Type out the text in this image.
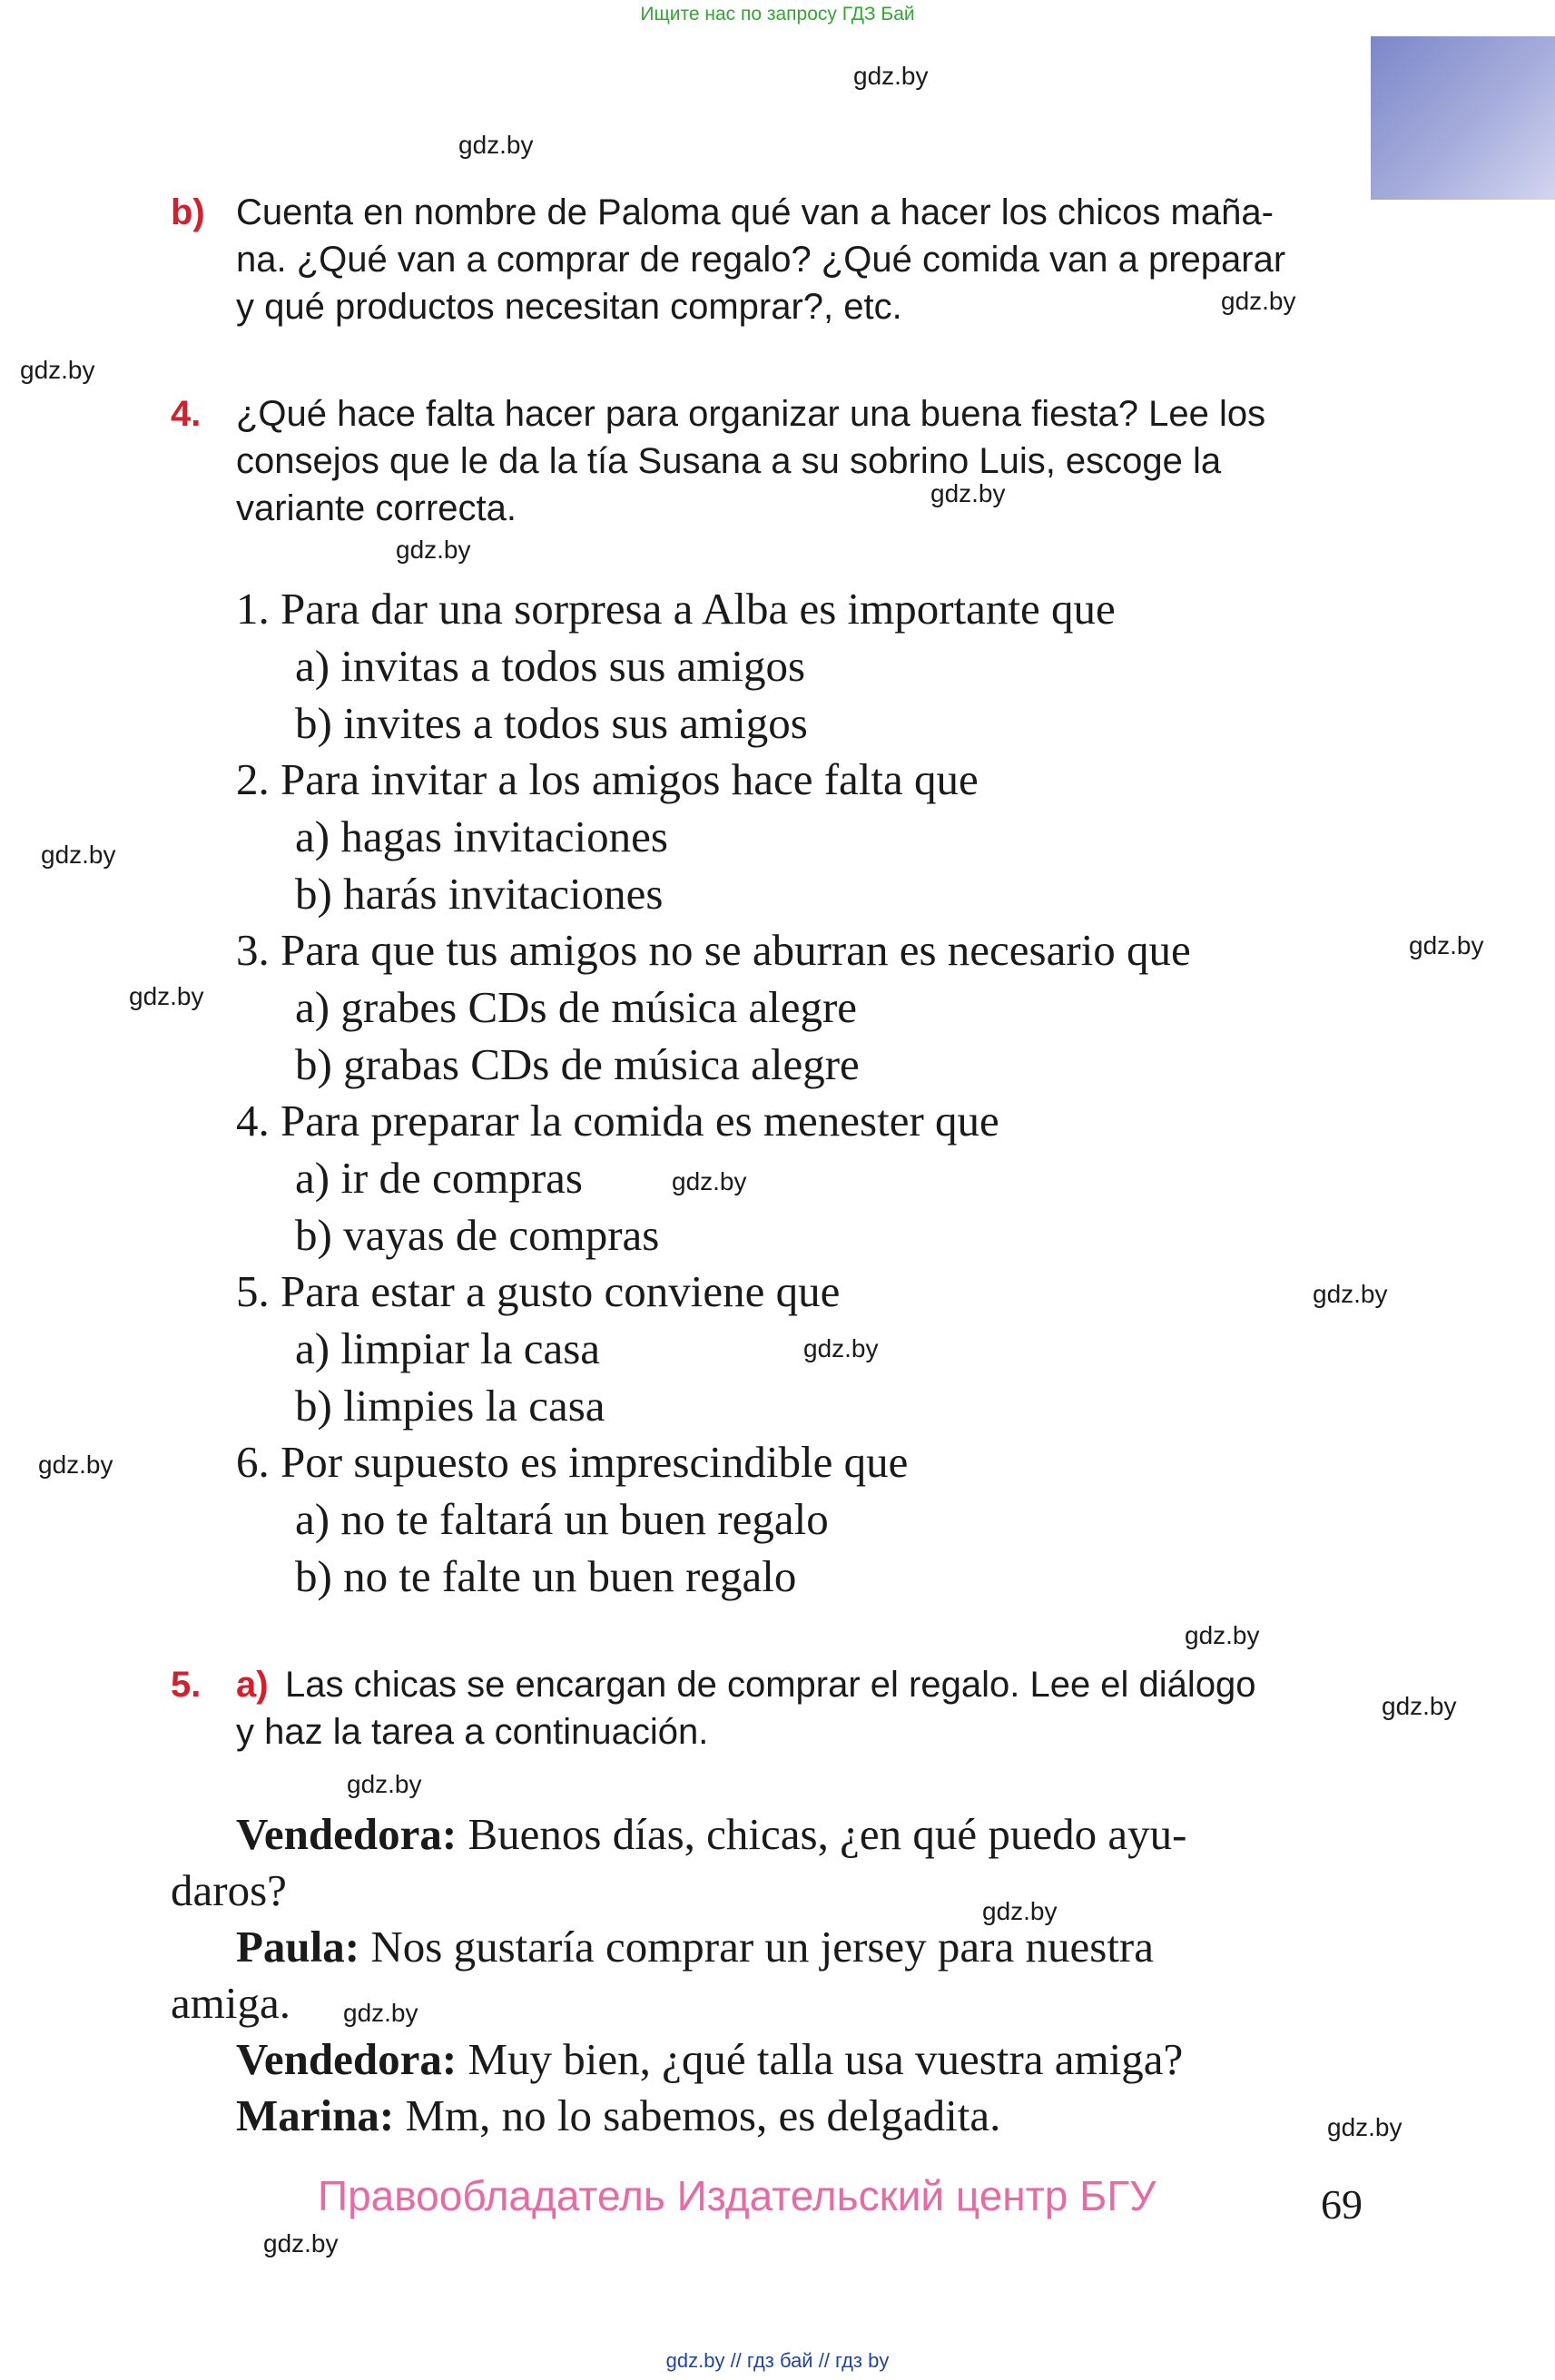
Ищите нас по запросу ГДЗ Бай
gdz.by
gdz.by
gdz.by
gdz.by
gdz.by
gdz.by
gdz.by
gdz.by
gdz.by
gdz.by
gdz.by
gdz.by
gdz.by
gdz.by
gdz.by
gdz.by
gdz.by
gdz.by
gdz.by
gdz.by
b) Cuenta en nombre de Paloma qué van a hacer los chicos maña-
na. ¿Qué van a comprar de regalo? ¿Qué comida van a preparar
y qué productos necesitan comprar?, etc.
4. ¿Qué hace falta hacer para organizar una buena fiesta? Lee los
consejos que le da la tía Susana a su sobrino Luis, escoge la
variante correcta.
1. Para dar una sorpresa a Alba es importante que
a) invitas a todos sus amigos
b) invites a todos sus amigos
2. Para invitar a los amigos hace falta que
a) hagas invitaciones
b) harás invitaciones
3. Para que tus amigos no se aburran es necesario que
a) grabes CDs de música alegre
b) grabas CDs de música alegre
4. Para preparar la comida es menester que
a) ir de compras
b) vayas de compras
5. Para estar a gusto conviene que
a) limpiar la casa
b) limpies la casa
6. Por supuesto es imprescindible que
a) no te faltará un buen regalo
b) no te falte un buen regalo
5. a) Las chicas se encargan de comprar el regalo. Lee el diálogo
y haz la tarea a continuación.
Vendedora: Buenos días, chicas, ¿en qué puedo ayu-
daros?
Paula: Nos gustaría comprar un jersey para nuestra
amiga.
Vendedora: Muy bien, ¿qué talla usa vuestra amiga?
Marina: Mm, no lo sabemos, es delgadita.
Правообладатель Издательский центр БГУ	69
gdz.by // гдз бай // гдз by
